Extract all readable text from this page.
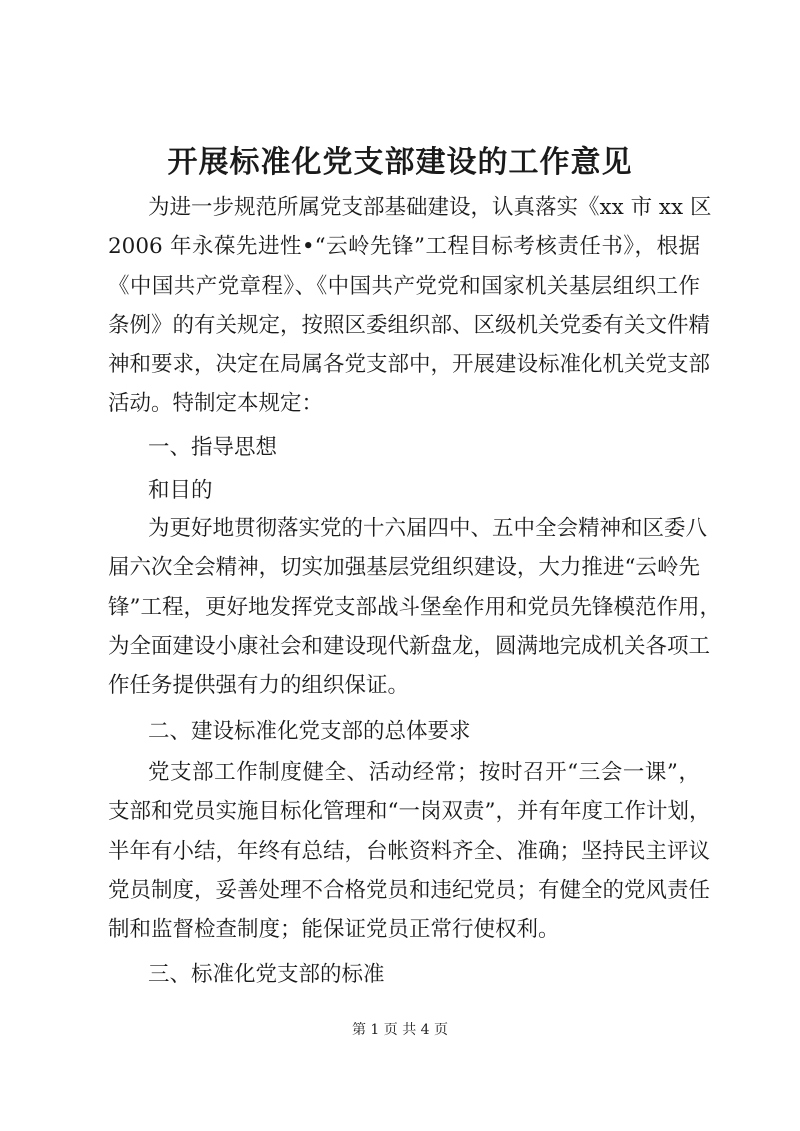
开展标准化党支部建设的工作意见
为进一步规范所属党支部基础建设，认真落实《xx 市 xx 区
2006 年永葆先进性•“云岭先锋”工程目标考核责任书》，根据
《中国共产党章程》、《中国共产党党和国家机关基层组织工作
条例》的有关规定，按照区委组织部、区级机关党委有关文件精
神和要求，决定在局属各党支部中，开展建设标准化机关党支部
活动。特制定本规定：
一、指导思想
和目的
为更好地贯彻落实党的十六届四中、五中全会精神和区委八
届六次全会精神，切实加强基层党组织建设，大力推进“云岭先
锋”工程，更好地发挥党支部战斗堡垒作用和党员先锋模范作用，
为全面建设小康社会和建设现代新盘龙，圆满地完成机关各项工
作任务提供强有力的组织保证。
二、建设标准化党支部的总体要求
党支部工作制度健全、活动经常；按时召开“三会一课”，
支部和党员实施目标化管理和“一岗双责”，并有年度工作计划，
半年有小结，年终有总结，台帐资料齐全、准确；坚持民主评议
党员制度，妥善处理不合格党员和违纪党员；有健全的党风责任
制和监督检查制度；能保证党员正常行使权利。
三、标准化党支部的标准
第 1 页 共 4 页
